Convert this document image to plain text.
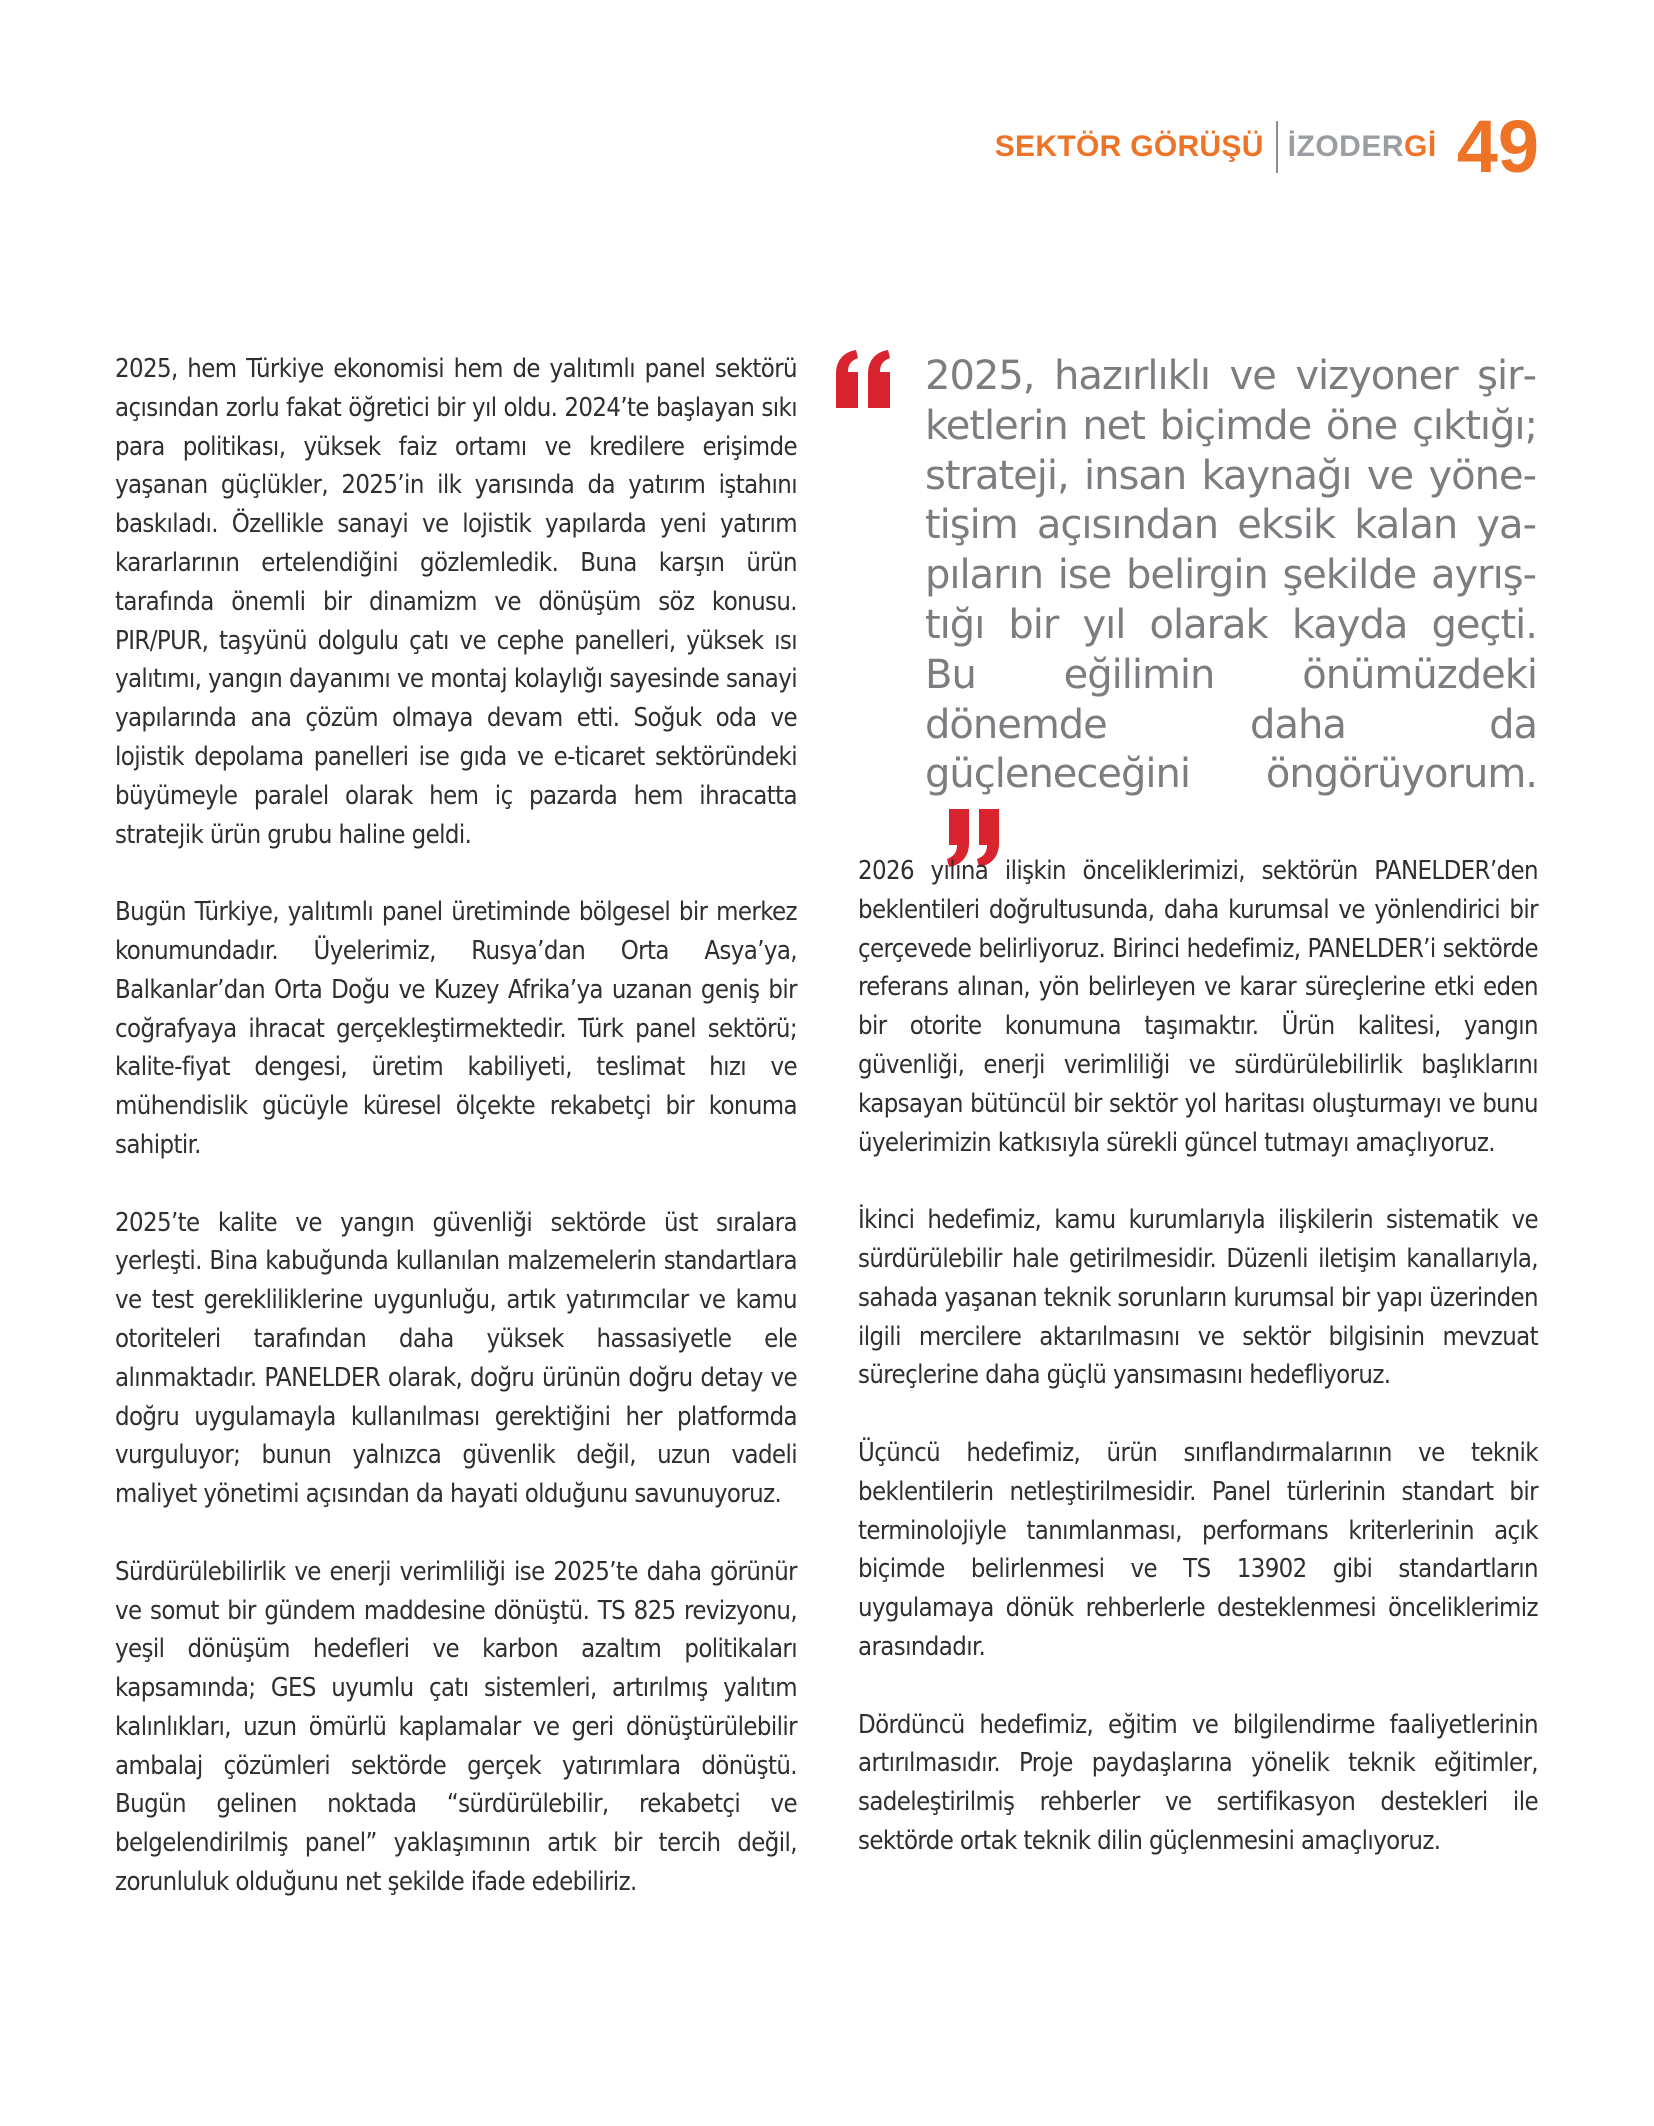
SEKTÖR GÖRÜŞÜ İZODERGİ 49

2025, hem Türkiye ekonomisi hem de yalıtımlı panel sektörü açısından zorlu fakat öğretici bir yıl oldu. 2024’te başlayan sıkı para politikası, yüksek faiz ortamı ve kredilere erişimde yaşanan güçlükler, 2025’in ilk yarısında da yatırım iştahını baskıladı. Özellikle sanayi ve lojistik yapılarda yeni yatırım kararlarının ertelendiğini gözlemledik. Buna karşın ürün tarafında önemli bir dinamizm ve dönüşüm söz konusu. PIR/PUR, taşyünü dolgulu çatı ve cephe panelleri, yüksek ısı yalıtımı, yangın dayanımı ve montaj kolaylığı sayesinde sanayi yapılarında ana çözüm olmaya devam etti. Soğuk oda ve lojistik depolama panelleri ise gıda ve e-ticaret sektöründeki büyümeyle paralel olarak hem iç pazarda hem ihracatta stratejik ürün grubu haline geldi.

Bugün Türkiye, yalıtımlı panel üretiminde bölgesel bir merkez konumundadır. Üyelerimiz, Rusya’dan Orta Asya’ya, Balkanlar’dan Orta Doğu ve Kuzey Afrika’ya uzanan geniş bir coğrafyaya ihracat gerçekleştirmektedir. Türk panel sektörü; kalite-fiyat dengesi, üretim kabiliyeti, teslimat hızı ve mühendislik gücüyle küresel ölçekte rekabetçi bir konuma sahiptir.

2025’te kalite ve yangın güvenliği sektörde üst sıralara yerleşti. Bina kabuğunda kullanılan malzemelerin standartlara ve test gerekliliklerine uygunluğu, artık yatırımcılar ve kamu otoriteleri tarafından daha yüksek hassasiyetle ele alınmaktadır. PANELDER olarak, doğru ürünün doğru detay ve doğru uygulamayla kullanılması gerektiğini her platformda vurguluyor; bunun yalnızca güvenlik değil, uzun vadeli maliyet yönetimi açısından da hayati olduğunu savunuyoruz.

Sürdürülebilirlik ve enerji verimliliği ise 2025’te daha görünür ve somut bir gündem maddesine dönüştü. TS 825 revizyonu, yeşil dönüşüm hedefleri ve karbon azaltım politikaları kapsamında; GES uyumlu çatı sistemleri, artırılmış yalıtım kalınlıkları, uzun ömürlü kaplamalar ve geri dönüştürülebilir ambalaj çözümleri sektörde gerçek yatırımlara dönüştü. Bugün gelinen noktada “sürdürülebilir, rekabetçi ve belgelendirilmiş panel” yaklaşımının artık bir tercih değil, zorunluluk olduğunu net şekilde ifade edebiliriz.

2025, hazırlıklı ve vizyoner şirketlerin net biçimde öne çıktığı; strateji, insan kaynağı ve yönetişim açısından eksik kalan yapıların ise belirgin şekilde ayrıştığı bir yıl olarak kayda geçti. Bu eğilimin önümüzdeki dönemde daha da güçleneceğini öngörüyorum.

2026 yılına ilişkin önceliklerimizi, sektörün PANELDER’den beklentileri doğrultusunda, daha kurumsal ve yönlendirici bir çerçevede belirliyoruz. Birinci hedefimiz, PANELDER’i sektörde referans alınan, yön belirleyen ve karar süreçlerine etki eden bir otorite konumuna taşımaktır. Ürün kalitesi, yangın güvenliği, enerji verimliliği ve sürdürülebilirlik başlıklarını kapsayan bütüncül bir sektör yol haritası oluşturmayı ve bunu üyelerimizin katkısıyla sürekli güncel tutmayı amaçlıyoruz.

İkinci hedefimiz, kamu kurumlarıyla ilişkilerin sistematik ve sürdürülebilir hale getirilmesidir. Düzenli iletişim kanallarıyla, sahada yaşanan teknik sorunların kurumsal bir yapı üzerinden ilgili mercilere aktarılmasını ve sektör bilgisinin mevzuat süreçlerine daha güçlü yansımasını hedefliyoruz.

Üçüncü hedefimiz, ürün sınıflandırmalarının ve teknik beklentilerin netleştirilmesidir. Panel türlerinin standart bir terminolojiyle tanımlanması, performans kriterlerinin açık biçimde belirlenmesi ve TS 13902 gibi standartların uygulamaya dönük rehberlerle desteklenmesi önceliklerimiz arasındadır.

Dördüncü hedefimiz, eğitim ve bilgilendirme faaliyetlerinin artırılmasıdır. Proje paydaşlarına yönelik teknik eğitimler, sadeleştirilmiş rehberler ve sertifikasyon destekleri ile sektörde ortak teknik dilin güçlenmesini amaçlıyoruz.
